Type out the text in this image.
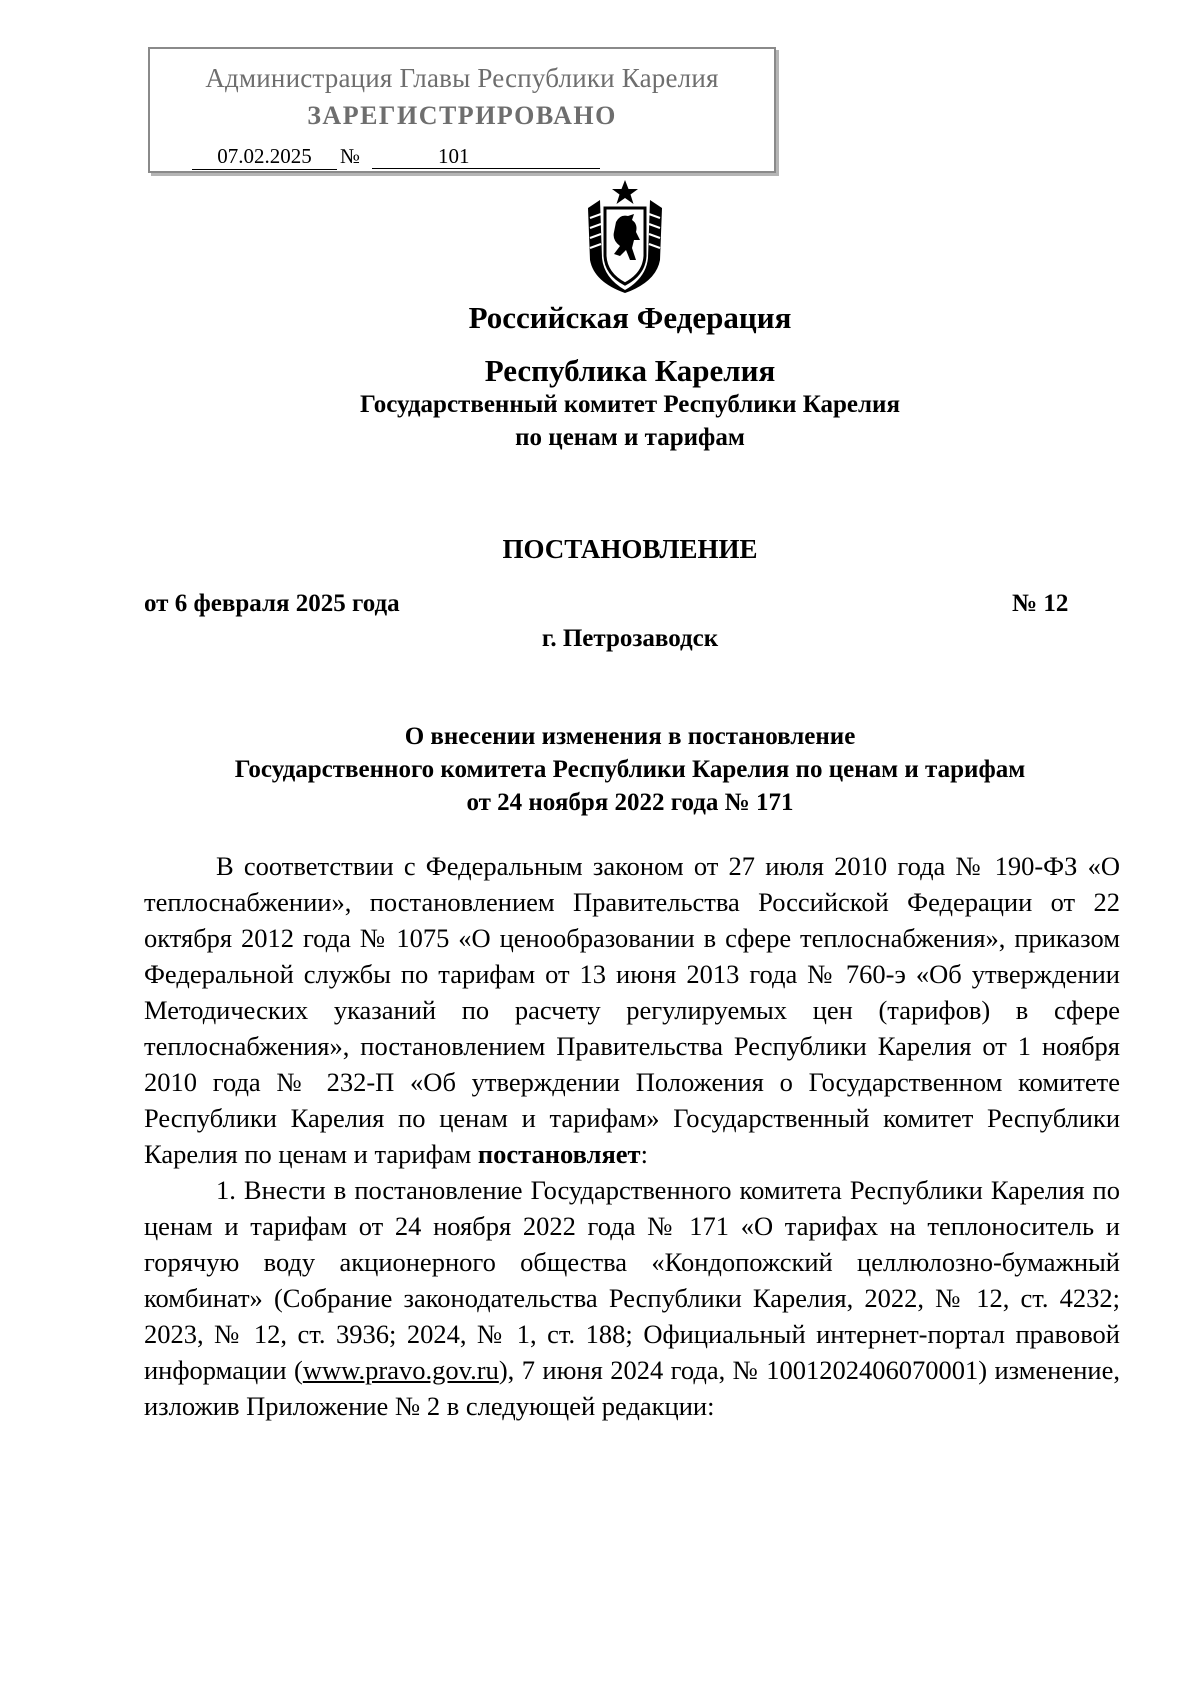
Администрация Главы Республики Карелия
ЗАРЕГИСТРИРОВАНО
07.02.2025	№	101
Российская Федерация
Республика Карелия
Государственный комитет Республики Карелия
по ценам и тарифам
ПОСТАНОВЛЕНИЕ
от 6 февраля 2025 года	№ 12
г. Петрозаводск
О внесении изменения в постановление
Государственного комитета Республики Карелия по ценам и тарифам
от 24 ноября 2022 года № 171

В соответствии с Федеральным законом от 27 июля 2010 года № 190-ФЗ «О теплоснабжении», постановлением Правительства Российской Федерации от 22 октября 2012 года № 1075 «О ценообразовании в сфере теплоснабжения», приказом Федеральной службы по тарифам от 13 июня 2013 года № 760-э «Об утверждении Методических указаний по расчету регулируемых цен (тарифов) в сфере теплоснабжения», постановлением Правительства Республики Карелия от 1 ноября 2010 года № 232-П «Об утверждении Положения о Государственном комитете Республики Карелия по ценам и тарифам» Государственный комитет Республики Карелия по ценам и тарифам постановляет:

1. Внести в постановление Государственного комитета Республики Карелия по ценам и тарифам от 24 ноября 2022 года № 171 «О тарифах на теплоноситель и горячую воду акционерного общества «Кондопожский целлюлозно-бумажный комбинат» (Собрание законодательства Республики Карелия, 2022, № 12, ст. 4232; 2023, № 12, ст. 3936; 2024, № 1, ст. 188; Официальный интернет-портал правовой информации (www.pravo.gov.ru), 7 июня 2024 года, № 1001202406070001) изменение, изложив Приложение № 2 в следующей редакции:
